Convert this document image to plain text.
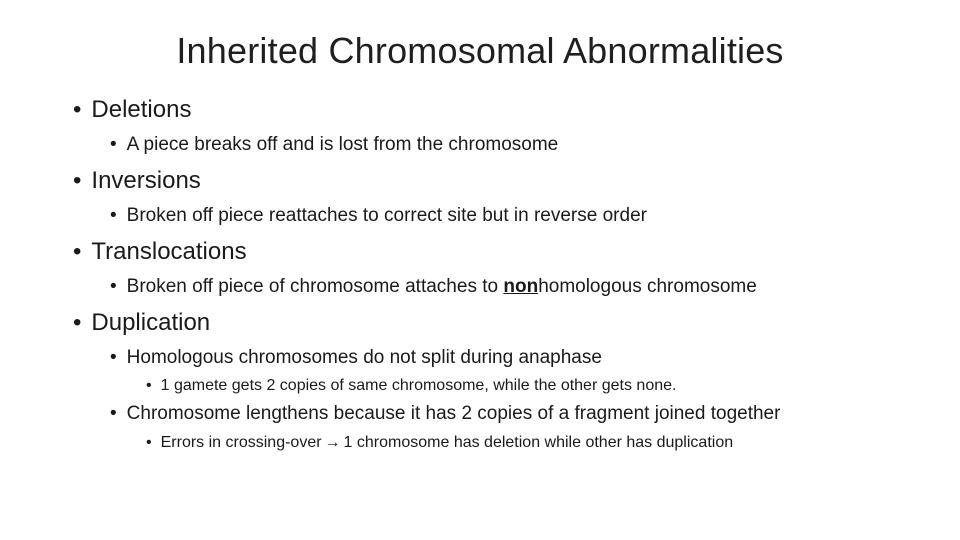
Inherited Chromosomal Abnormalities
• Deletions
• A piece breaks off and is lost from the chromosome
• Inversions
• Broken off piece reattaches to correct site but in reverse order
• Translocations
• Broken off piece of chromosome attaches to nonhomologous chromosome
• Duplication
• Homologous chromosomes do not split during anaphase
• 1 gamete gets 2 copies of same chromosome, while the other gets none.
• Chromosome lengthens because it has 2 copies of a fragment joined together
• Errors in crossing-over → 1 chromosome has deletion while other has duplication
